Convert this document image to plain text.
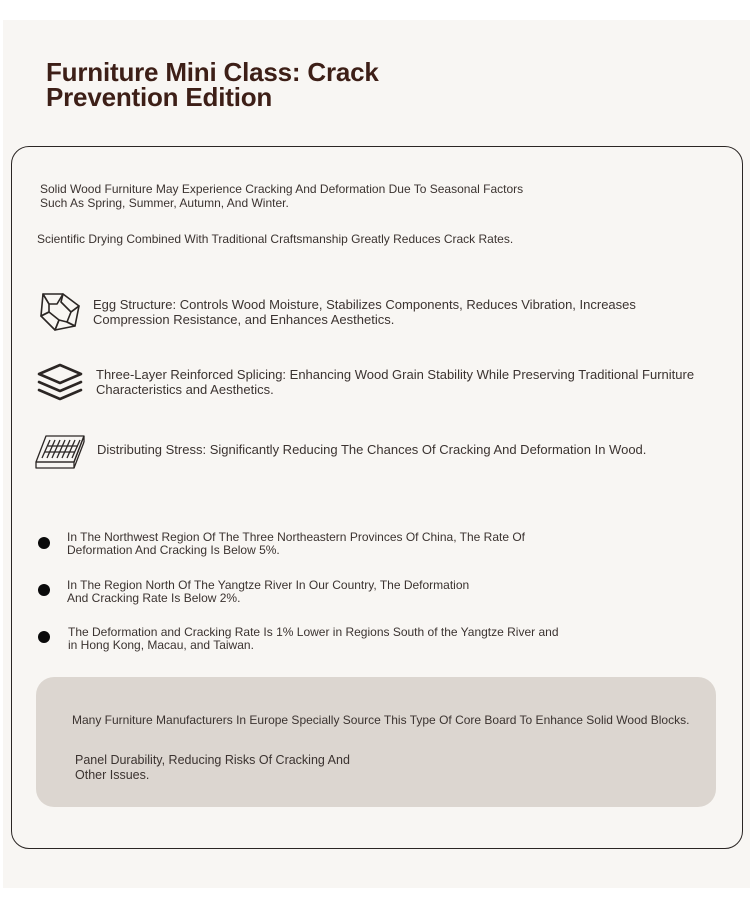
Furniture Mini Class: Crack Prevention Edition
Solid Wood Furniture May Experience Cracking And Deformation Due To Seasonal Factors Such As Spring, Summer, Autumn, And Winter.
Scientific Drying Combined With Traditional Craftsmanship Greatly Reduces Crack Rates.
Egg Structure: Controls Wood Moisture, Stabilizes Components, Reduces Vibration, Increases Compression Resistance, and Enhances Aesthetics.
Three-Layer Reinforced Splicing: Enhancing Wood Grain Stability While Preserving Traditional Furniture Characteristics and Aesthetics.
Distributing Stress: Significantly Reducing The Chances Of Cracking And Deformation In Wood.
In The Northwest Region Of The Three Northeastern Provinces Of China, The Rate Of Deformation And Cracking Is Below 5%.
In The Region North Of The Yangtze River In Our Country, The Deformation And Cracking Rate Is Below 2%.
The Deformation and Cracking Rate Is 1% Lower in Regions South of the Yangtze River and in Hong Kong, Macau, and Taiwan.
Many Furniture Manufacturers In Europe Specially Source This Type Of Core Board To Enhance Solid Wood Blocks.
Panel Durability, Reducing Risks Of Cracking And Other Issues.
